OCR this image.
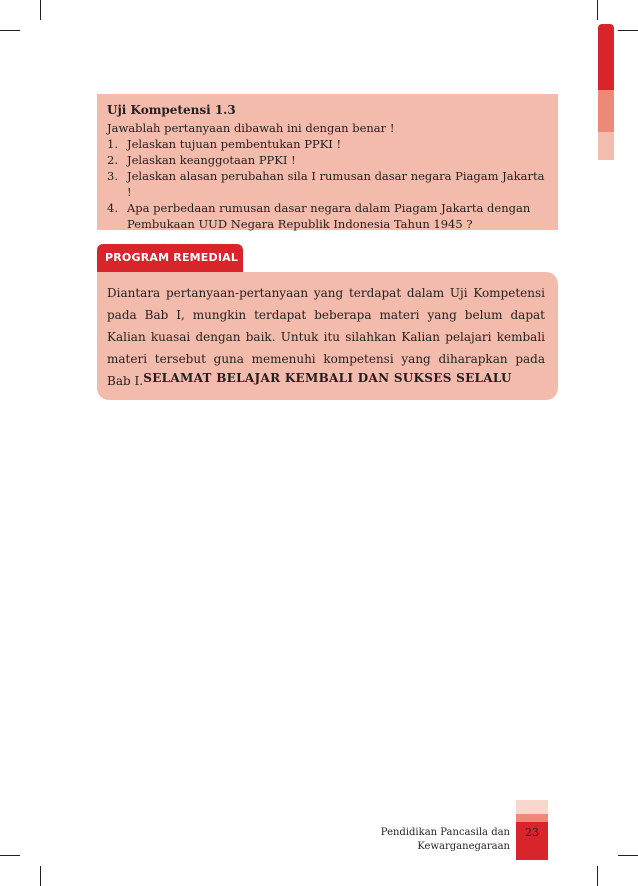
Uji Kompetensi 1.3
Jawablah pertanyaan dibawah ini dengan benar !
1. Jelaskan tujuan pembentukan PPKI !
2. Jelaskan keanggotaan PPKI !
3. Jelaskan alasan perubahan sila I rumusan dasar negara Piagam Jakarta !
4. Apa perbedaan rumusan dasar negara dalam Piagam Jakarta dengan Pembukaan UUD Negara Republik Indonesia Tahun 1945 ?
PROGRAM REMEDIAL

Diantara pertanyaan-pertanyaan yang terdapat dalam Uji Kompetensi pada Bab I, mungkin terdapat beberapa materi yang belum dapat Kalian kuasai dengan baik. Untuk itu silahkan Kalian pelajari kembali materi tersebut guna memenuhi kompetensi yang diharapkan pada Bab I. SELAMAT BELAJAR KEMBALI DAN SUKSES SELALU
Pendidikan Pancasila dan Kewarganegaraan
23
